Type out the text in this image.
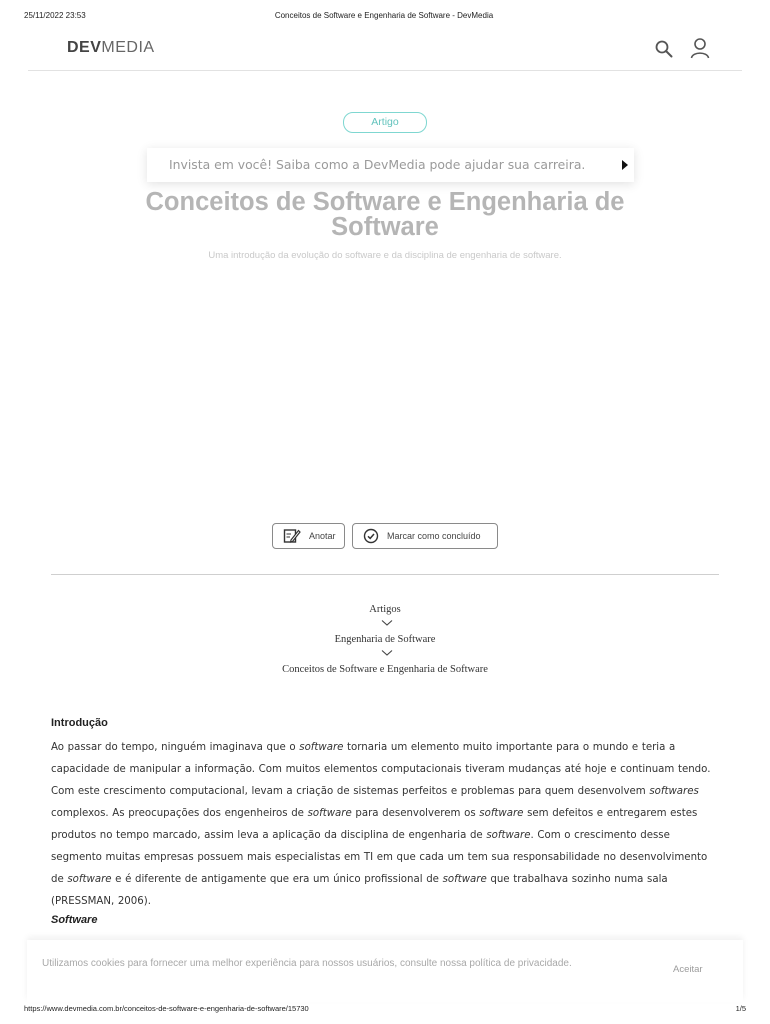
25/11/2022 23:53	Conceitos de Software e Engenharia de Software - DevMedia
DEVMEDIA
Artigo
Invista em você! Saiba como a DevMedia pode ajudar sua carreira.
Conceitos de Software e Engenharia de
Software
Uma introdução da evolução do software e da disciplina de engenharia de software.
Anotar	Marcar como concluído
Artigos
Engenharia de Software
Conceitos de Software e Engenharia de Software
Introdução

Ao passar do tempo, ninguém imaginava que o software tornaria um elemento muito importante para o mundo e teria a capacidade de manipular a informação. Com muitos elementos computacionais tiveram mudanças até hoje e continuam tendo. Com este crescimento computacional, levam a criação de sistemas perfeitos e problemas para quem desenvolvem softwares complexos. As preocupações dos engenheiros de software para desenvolverem os software sem defeitos e entregarem estes produtos no tempo marcado, assim leva a aplicação da disciplina de engenharia de software. Com o crescimento desse segmento muitas empresas possuem mais especialistas em TI em que cada um tem sua responsabilidade no desenvolvimento de software e é diferente de antigamente que era um único profissional de software que trabalhava sozinho numa sala (PRESSMAN, 2006).

Software
Utilizamos cookies para fornecer uma melhor experiência para nossos usuários, consulte nossa política de privacidade.
Aceitar
https://www.devmedia.com.br/conceitos-de-software-e-engenharia-de-software/15730	1/5
